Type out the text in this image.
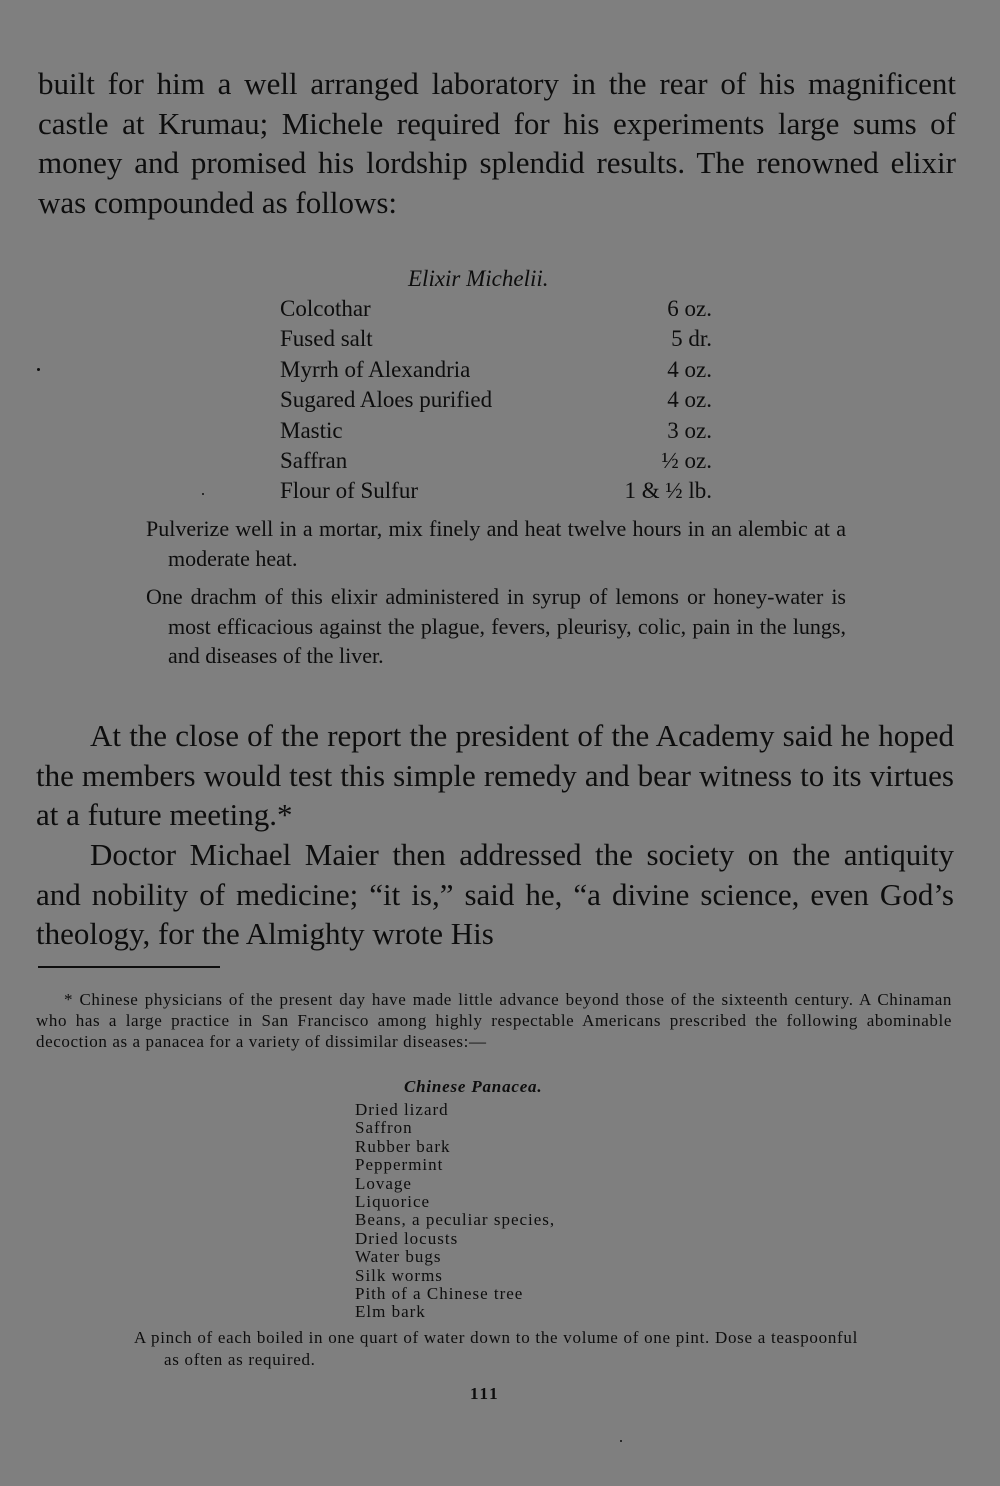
built for him a well arranged laboratory in the rear of his magnificent castle at Krumau; Michele required for his experiments large sums of money and promised his lordship splendid results. The renowned elixir was compounded as follows:

Elixir Michelii.
Colcothar	6 oz.
Fused salt	5 dr.
Myrrh of Alexandria	4 oz.
Sugared Aloes purified	4 oz.
Mastic	3 oz.
Saffran	½ oz.
Flour of Sulfur	1 & ½ lb.

Pulverize well in a mortar, mix finely and heat twelve hours in an alembic at a moderate heat.

One drachm of this elixir administered in syrup of lemons or honey-water is most efficacious against the plague, fevers, pleurisy, colic, pain in the lungs, and diseases of the liver.

At the close of the report the president of the Academy said he hoped the members would test this simple remedy and bear witness to its virtues at a future meeting.*

Doctor Michael Maier then addressed the society on the antiquity and nobility of medicine; “it is,” said he, “a divine science, even God’s theology, for the Almighty wrote His

* Chinese physicians of the present day have made little advance beyond those of the sixteenth century. A Chinaman who has a large practice in San Francisco among highly respectable Americans prescribed the following abominable decoction as a panacea for a variety of dissimilar diseases:—

Chinese Panacea.
Dried lizard
Saffron
Rubber bark
Peppermint
Lovage
Liquorice
Beans, a peculiar species,
Dried locusts
Water bugs
Silk worms
Pith of a Chinese tree
Elm bark

A pinch of each boiled in one quart of water down to the volume of one pint. Dose a teaspoonful as often as required.

111
